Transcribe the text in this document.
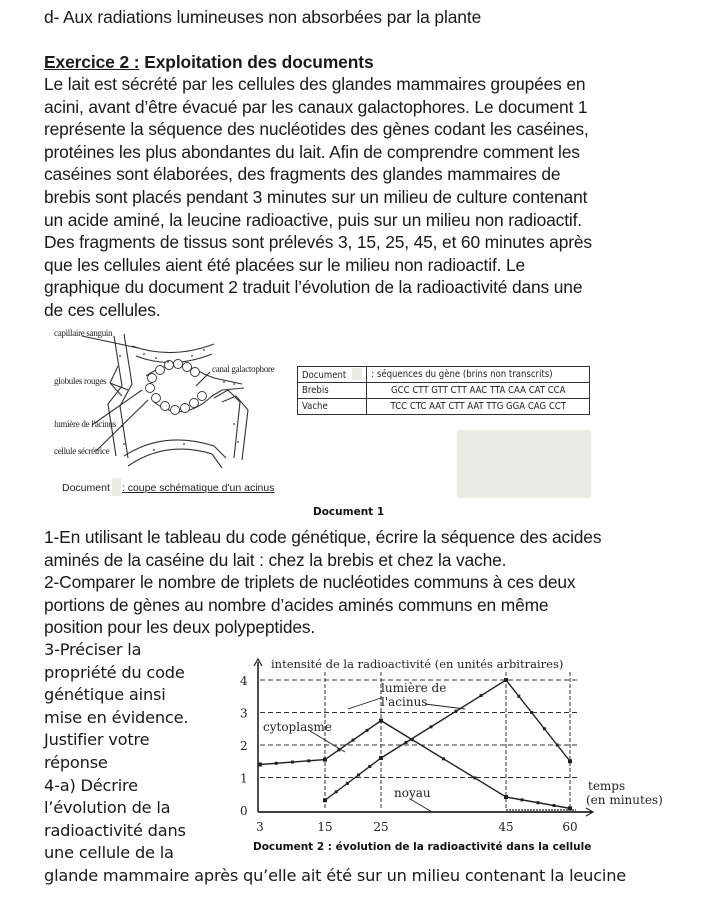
d- Aux radiations lumineuses non absorbées par la plante
Exercice 2 : Exploitation des documents
Le lait est sécrété par les cellules des glandes mammaires groupées en
acini, avant d’être évacué par les canaux galactophores. Le document 1
représente la séquence des nucléotides des gènes codant les caséines,
protéines les plus abondantes du lait. Afin de comprendre comment les
caséines sont élaborées, des fragments des glandes mammaires de
brebis sont placés pendant 3 minutes sur un milieu de culture contenant
un acide aminé, la leucine radioactive, puis sur un milieu non radioactif.
Des fragments de tissus sont prélevés 3, 15, 25, 45, et 60 minutes après
que les cellules aient été placées sur le milieu non radioactif. Le
graphique du document 2 traduit l’évolution de la radioactivité dans une
de ces cellules.
capillaire sanguin
globules rouges
canal galactophore
lumière de l'acinus
cellule sécrétrice
Document : coupe schématique d'un acinus
Document	: séquences du gène (brins non transcrits)
Brebis	GCC CTT GTT CTT AAC TTA CAA CAT CCA
Vache	TCC CTC AAT CTT AAT TTG GGA CAG CCT
Document 1
1-En utilisant le tableau du code génétique, écrire la séquence des acides
aminés de la caséine du lait : chez la brebis et chez la vache.
2-Comparer le nombre de triplets de nucléotides communs à ces deux
portions de gènes au nombre d’acides aminés communs en même
position pour les deux polypeptides.
3-Préciser la
propriété du code
génétique ainsi
mise en évidence.
Justifier votre
réponse
4-a) Décrire
l’évolution de la
radioactivité dans
une cellule de la
glande mammaire après qu’elle ait été sur un milieu contenant la leucine
0
1
2
3
4
3	15	25	45	60
intensité de la radioactivité (en unités arbitraires)
cytoplasme
lumière de
l'acinus
noyau	temps
(en minutes)
Document 2 : évolution de la radioactivité dans la cellule
